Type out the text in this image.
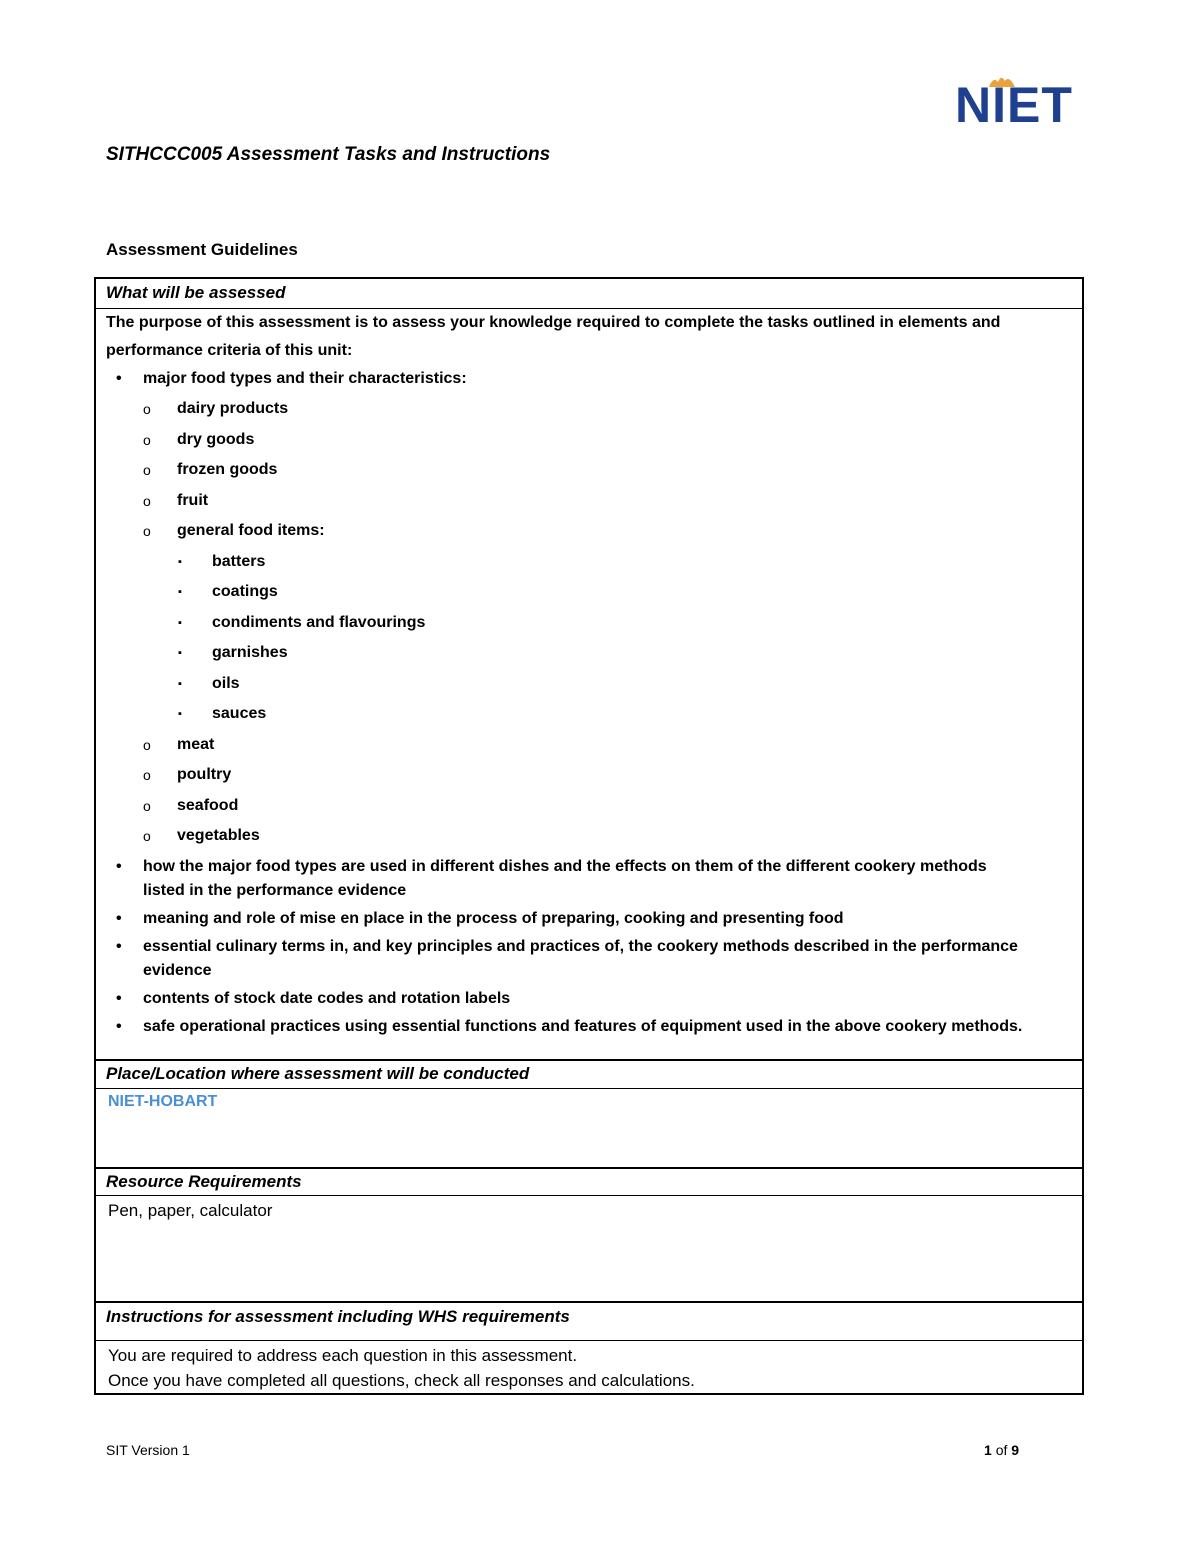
NIET
SITHCCC005 Assessment Tasks and Instructions
Assessment Guidelines
What will be assessed
The purpose of this assessment is to assess your knowledge required to complete the tasks outlined in elements and
performance criteria of this unit:
• major food types and their characteristics:
o dairy products
o dry goods
o frozen goods
o fruit
o general food items:
▪ batters
▪ coatings
▪ condiments and flavourings
▪ garnishes
▪ oils
▪ sauces
o meat
o poultry
o seafood
o vegetables
• how the major food types are used in different dishes and the effects on them of the different cookery methods
listed in the performance evidence
• meaning and role of mise en place in the process of preparing, cooking and presenting food
• essential culinary terms in, and key principles and practices of, the cookery methods described in the performance
evidence
• contents of stock date codes and rotation labels
• safe operational practices using essential functions and features of equipment used in the above cookery methods.
Place/Location where assessment will be conducted
NIET-HOBART
Resource Requirements
Pen, paper, calculator
Instructions for assessment including WHS requirements
You are required to address each question in this assessment.
Once you have completed all questions, check all responses and calculations.
SIT Version 1	1 of 9
